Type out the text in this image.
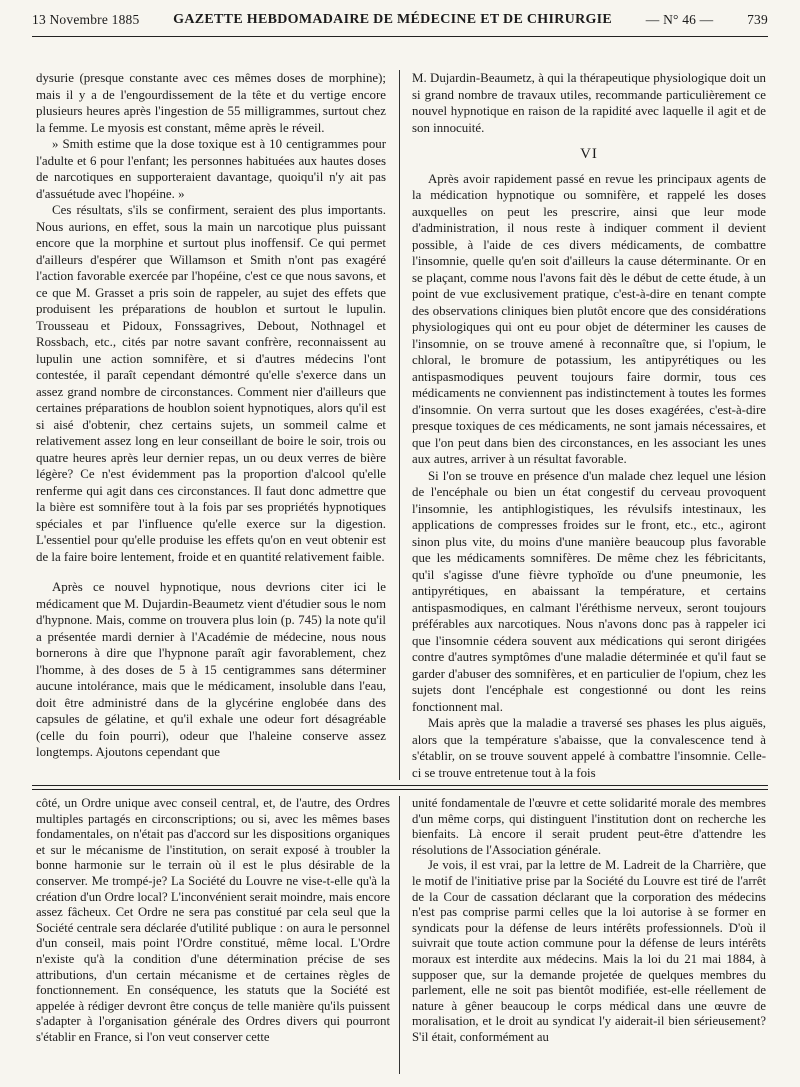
13 Novembre 1885 GAZETTE HEBDOMADAIRE DE MÉDECINE ET DE CHIRURGIE — N° 46 — 739

dysurie (presque constante avec ces mêmes doses de morphine); mais il y a de l'engourdissement de la tête et du vertige encore plusieurs heures après l'ingestion de 55 milligrammes, surtout chez la femme. Le myosis est constant, même après le réveil.

» Smith estime que la dose toxique est à 10 centigrammes pour l'adulte et 6 pour l'enfant; les personnes habituées aux hautes doses de narcotiques en supporteraient davantage, quoiqu'il n'y ait pas d'assuétude avec l'hopéine. »

Ces résultats, s'ils se confirment, seraient des plus importants. Nous aurions, en effet, sous la main un narcotique plus puissant encore que la morphine et surtout plus inoffensif. Ce qui permet d'ailleurs d'espérer que Willamson et Smith n'ont pas exagéré l'action favorable exercée par l'hopéine, c'est ce que nous savons, et ce que M. Grasset a pris soin de rappeler, au sujet des effets que produisent les préparations de houblon et surtout le lupulin. Trousseau et Pidoux, Fonssagrives, Debout, Nothnagel et Rossbach, etc., cités par notre savant confrère, reconnaissent au lupulin une action somnifère, et si d'autres médecins l'ont contestée, il paraît cependant démontré qu'elle s'exerce dans un assez grand nombre de circonstances. Comment nier d'ailleurs que certaines préparations de houblon soient hypnotiques, alors qu'il est si aisé d'obtenir, chez certains sujets, un sommeil calme et relativement assez long en leur conseillant de boire le soir, trois ou quatre heures après leur dernier repas, un ou deux verres de bière légère? Ce n'est évidemment pas la proportion d'alcool qu'elle renferme qui agit dans ces circonstances. Il faut donc admettre que la bière est somnifère tout à la fois par ses propriétés hypnotiques spéciales et par l'influence qu'elle exerce sur la digestion. L'essentiel pour qu'elle produise les effets qu'on en veut obtenir est de la faire boire lentement, froide et en quantité relativement faible.

Après ce nouvel hypnotique, nous devrions citer ici le médicament que M. Dujardin-Beaumetz vient d'étudier sous le nom d'hypnone. Mais, comme on trouvera plus loin (p. 745) la note qu'il a présentée mardi dernier à l'Académie de médecine, nous nous bornerons à dire que l'hypnone paraît agir favorablement, chez l'homme, à des doses de 5 à 15 centigrammes sans déterminer aucune intolérance, mais que le médicament, insoluble dans l'eau, doit être administré dans de la glycérine englobée dans des capsules de gélatine, et qu'il exhale une odeur fort désagréable (celle du foin pourri), odeur que l'haleine conserve assez longtemps. Ajoutons cependant que

M. Dujardin-Beaumetz, à qui la thérapeutique physiologique doit un si grand nombre de travaux utiles, recommande particulièrement ce nouvel hypnotique en raison de la rapidité avec laquelle il agit et de son innocuité.

VI

Après avoir rapidement passé en revue les principaux agents de la médication hypnotique ou somnifère, et rappelé les doses auxquelles on peut les prescrire, ainsi que leur mode d'administration, il nous reste à indiquer comment il devient possible, à l'aide de ces divers médicaments, de combattre l'insomnie, quelle qu'en soit d'ailleurs la cause déterminante. Or en se plaçant, comme nous l'avons fait dès le début de cette étude, à un point de vue exclusivement pratique, c'est-à-dire en tenant compte des observations cliniques bien plutôt encore que des considérations physiologiques qui ont eu pour objet de déterminer les causes de l'insomnie, on se trouve amené à reconnaître que, si l'opium, le chloral, le bromure de potassium, les antipyrétiques ou les antispasmodiques peuvent toujours faire dormir, tous ces médicaments ne conviennent pas indistinctement à toutes les formes d'insomnie. On verra surtout que les doses exagérées, c'est-à-dire presque toxiques de ces médicaments, ne sont jamais nécessaires, et que l'on peut dans bien des circonstances, en les associant les unes aux autres, arriver à un résultat favorable.

Si l'on se trouve en présence d'un malade chez lequel une lésion de l'encéphale ou bien un état congestif du cerveau provoquent l'insomnie, les antiphlogistiques, les révulsifs intestinaux, les applications de compresses froides sur le front, etc., etc., agiront sinon plus vite, du moins d'une manière beaucoup plus favorable que les médicaments somnifères. De même chez les fébricitants, qu'il s'agisse d'une fièvre typhoïde ou d'une pneumonie, les antipyrétiques, en abaissant la température, et certains antispasmodiques, en calmant l'éréthisme nerveux, seront toujours préférables aux narcotiques. Nous n'avons donc pas à rappeler ici que l'insomnie cédera souvent aux médications qui seront dirigées contre d'autres symptômes d'une maladie déterminée et qu'il faut se garder d'abuser des somnifères, et en particulier de l'opium, chez les sujets dont l'encéphale est congestionné ou dont les reins fonctionnent mal.

Mais après que la maladie a traversé ses phases les plus aiguës, alors que la température s'abaisse, que la convalescence tend à s'établir, on se trouve souvent appelé à combattre l'insomnie. Celle-ci se trouve entretenue tout à la fois

côté, un Ordre unique avec conseil central, et, de l'autre, des Ordres multiples partagés en circonscriptions; ou si, avec les mêmes bases fondamentales, on n'était pas d'accord sur les dispositions organiques et sur le mécanisme de l'institution, on serait exposé à troubler la bonne harmonie sur le terrain où il est le plus désirable de la conserver. Me trompé-je? La Société du Louvre ne vise-t-elle qu'à la création d'un Ordre local? L'inconvénient serait moindre, mais encore assez fâcheux. Cet Ordre ne sera pas constitué par cela seul que la Société centrale sera déclarée d'utilité publique : on aura le personnel d'un conseil, mais point l'Ordre constitué, même local. L'Ordre n'existe qu'à la condition d'une détermination précise de ses attributions, d'un certain mécanisme et de certaines règles de fonctionnement. En conséquence, les statuts que la Société est appelée à rédiger devront être conçus de telle manière qu'ils puissent s'adapter à l'organisation générale des Ordres divers qui pourront s'établir en France, si l'on veut conserver cette

unité fondamentale de l'œuvre et cette solidarité morale des membres d'un même corps, qui distinguent l'institution dont on recherche les bienfaits. Là encore il serait prudent peut-être d'attendre les résolutions de l'Association générale.

Je vois, il est vrai, par la lettre de M. Ladreit de la Charrière, que le motif de l'initiative prise par la Société du Louvre est tiré de l'arrêt de la Cour de cassation déclarant que la corporation des médecins n'est pas comprise parmi celles que la loi autorise à se former en syndicats pour la défense de leurs intérêts professionnels. D'où il suivrait que toute action commune pour la défense de leurs intérêts moraux est interdite aux médecins. Mais la loi du 21 mai 1884, à supposer que, sur la demande projetée de quelques membres du parlement, elle ne soit pas bientôt modifiée, est-elle réellement de nature à gêner beaucoup le corps médical dans une œuvre de moralisation, et le droit au syndicat l'y aiderait-il bien sérieusement? S'il était, conformément au
